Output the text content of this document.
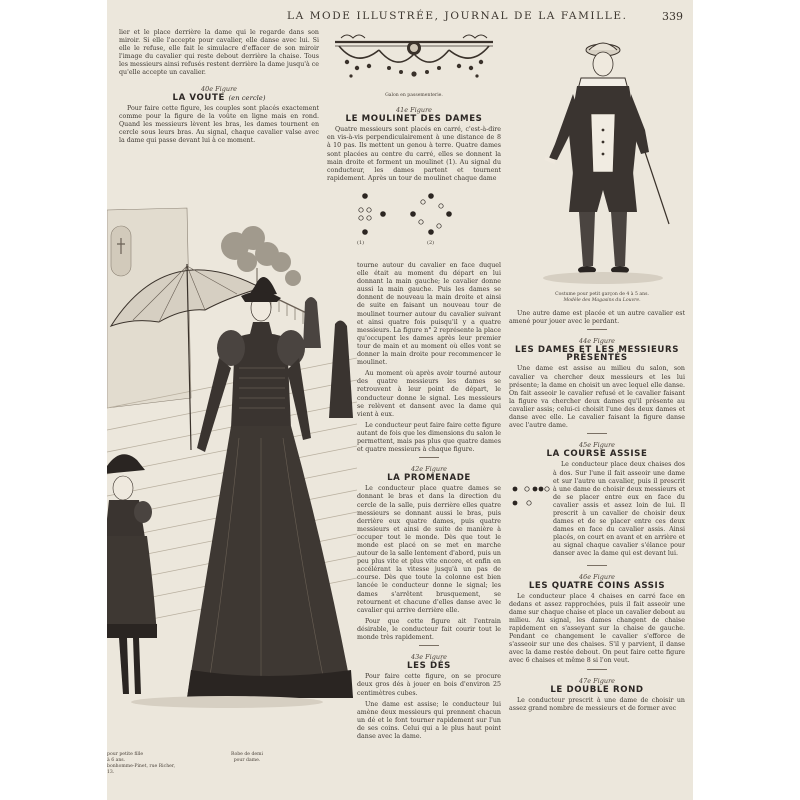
LA MODE ILLUSTRÉE, JOURNAL DE LA FAMILLE.	339

lier et le place derrière la dame qui le regarde dans son miroir. Si elle l'accepte pour cavalier, elle danse avec lui. Si elle le refuse, elle fait le simulacre d'effacer de son miroir l'image du cavalier qui reste debout derrière la chaise. Tous les messieurs ainsi refusés restent derrière la dame jusqu'à ce qu'elle accepte un cavalier.

40e Figure
LA VOUTE (en cercle)

Pour faire cette figure, les couples sont placés exactement comme pour la figure de la voûte en ligne mais en rond. Quand les messieurs lèvent les bras, les dames tournent en cercle sous leurs bras. Au signal, chaque cavalier valse avec la dame qui passe devant lui à ce moment.

Galon en passementerie.
41e Figure
LE MOULINET DES DAMES

Quatre messieurs sont placés en carré, c'est-à-dire en vis-à-vis perpendiculairement à une distance de 8 à 10 pas. Ils mettent un genou à terre. Quatre dames sont placées au centre du carré, elles se donnent la main droite et forment un moulinet (1). Au signal du conducteur, les dames partent et tournent rapidement. Après un tour de moulinet chaque dame

(1)	(2)

tourne autour du cavalier en face duquel elle était au moment du départ en lui donnant la main gauche; le cavalier donne aussi la main gauche. Puis les dames se donnent de nouveau la main droite et ainsi de suite en faisant un nouveau tour de moulinet tourner autour du cavalier suivant et ainsi quatre fois puisqu'il y a quatre messieurs. La figure n° 2 représente la place qu'occupent les dames après leur premier tour de main et au moment où elles vont se donner la main droite pour recommencer le moulinet.

Au moment où après avoir tourné autour des quatre messieurs les dames se retrouvent à leur point de départ, le conducteur donne le signal. Les messieurs se relèvent et dansent avec la dame qui vient à eux.

Le conducteur peut faire faire cette figure autant de fois que les dimensions du salon le permettent, mais pas plus que quatre dames et quatre messieurs à chaque figure.

42e Figure
LA PROMENADE

Le conducteur place quatre dames se donnant le bras et dans la direction du cercle de la salle, puis derrière elles quatre messieurs se donnant aussi le bras, puis derrière eux quatre dames, puis quatre messieurs et ainsi de suite de manière à occuper tout le monde. Dès que tout le monde est placé on se met en marche autour de la salle lentement d'abord, puis un peu plus vite et plus vite encore, et enfin en accélérant la vitesse jusqu'à un pas de course. Dès que toute la colonne est bien lancée le conducteur donne le signal; les dames s'arrêtent brusquement, se retournent et chacune d'elles danse avec le cavalier qui arrive derrière elle.

Pour que cette figure ait l'entrain désirable, le conducteur fait courir tout le monde très rapidement.

43e Figure
LES DÉS

Pour faire cette figure, on se procure deux gros dés à jouer en bois d'environ 25 centimètres cubes.

Une dame est assise; le conducteur lui amène deux messieurs qui prennent chacun un dé et le font tourner rapidement sur l'un de ses coins. Celui qui a le plus haut point danse avec la dame.

Costume pour petit garçon de 4 à 5 ans.
Modèle des Magasins du Louvre.

Une autre dame est placée et un autre cavalier est amené pour jouer avec le perdant.

44e Figure
LES DAMES ET LES MESSIEURS PRÉSENTÉS

Une dame est assise au milieu du salon, son cavalier va chercher deux messieurs et les lui présente; la dame en choisit un avec lequel elle danse. On fait asseoir le cavalier refusé et le cavalier faisant la figure va chercher deux dames qu'il présente au cavalier assis; celui-ci choisit l'une des deux dames et danse avec elle. Le cavalier faisant la figure danse avec l'autre dame.

45e Figure
LA COURSE ASSISE

Le conducteur place deux chaises dos à dos. Sur l'une il fait asseoir une dame et sur l'autre un cavalier, puis il prescrit à une dame de choisir deux messieurs et de se placer entre eux en face du cavalier assis et assez loin de lui. Il prescrit à un cavalier de choisir deux dames et de se placer entre ces deux dames en face du cavalier assis. Ainsi placés, on court en avant et en arrière et au signal chaque cavalier s'élance pour danser avec la dame qui est devant lui.

46e Figure
LES QUATRE COINS ASSIS

Le conducteur place 4 chaises en carré face en dedans et assez rapprochées, puis il fait asseoir une dame sur chaque chaise et place un cavalier debout au milieu. Au signal, les dames changent de chaise rapidement en s'asseyant sur la chaise de gauche. Pendant ce changement le cavalier s'efforce de s'asseoir sur une des chaises. S'il y parvient, il danse avec la dame restée debout. On peut faire cette figure avec 6 chaises et même 8 si l'on veut.

47e Figure
LE DOUBLE ROND

Le conducteur prescrit à une dame de choisir un assez grand nombre de messieurs et de former avec

pour petite fille
à 6 ans.
bonhomme-Pinet, rue Richer, 13.
Robe de demi
pour dame.
